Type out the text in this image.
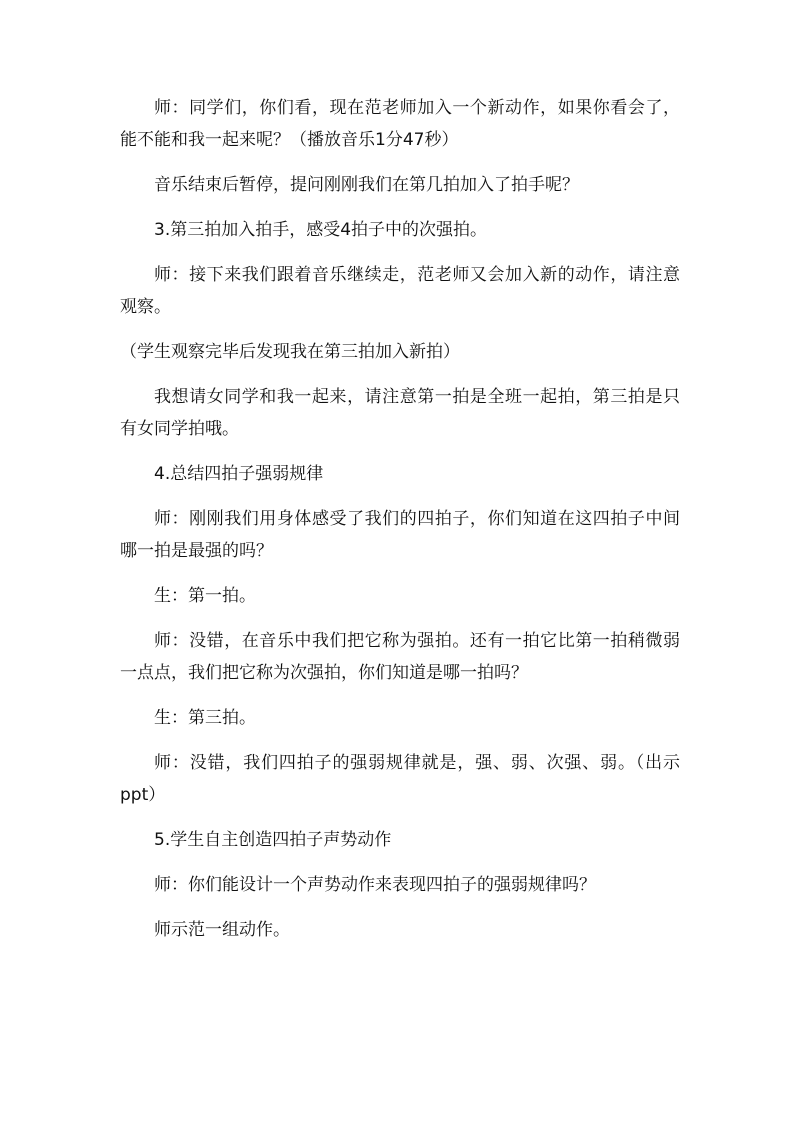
师：同学们，你们看，现在范老师加入一个新动作，如果你看会了，能不能和我一起来呢？（播放音乐1分47秒）

音乐结束后暂停，提问刚刚我们在第几拍加入了拍手呢？

3.第三拍加入拍手，感受4拍子中的次强拍。

师：接下来我们跟着音乐继续走，范老师又会加入新的动作，请注意观察。

（学生观察完毕后发现我在第三拍加入新拍）

我想请女同学和我一起来，请注意第一拍是全班一起拍，第三拍是只有女同学拍哦。

4.总结四拍子强弱规律

师：刚刚我们用身体感受了我们的四拍子，你们知道在这四拍子中间哪一拍是最强的吗？

生：第一拍。

师：没错，在音乐中我们把它称为强拍。还有一拍它比第一拍稍微弱一点点，我们把它称为次强拍，你们知道是哪一拍吗？

生：第三拍。

师：没错，我们四拍子的强弱规律就是，强、弱、次强、弱。（出示ppt）

5.学生自主创造四拍子声势动作

师：你们能设计一个声势动作来表现四拍子的强弱规律吗？

师示范一组动作。
